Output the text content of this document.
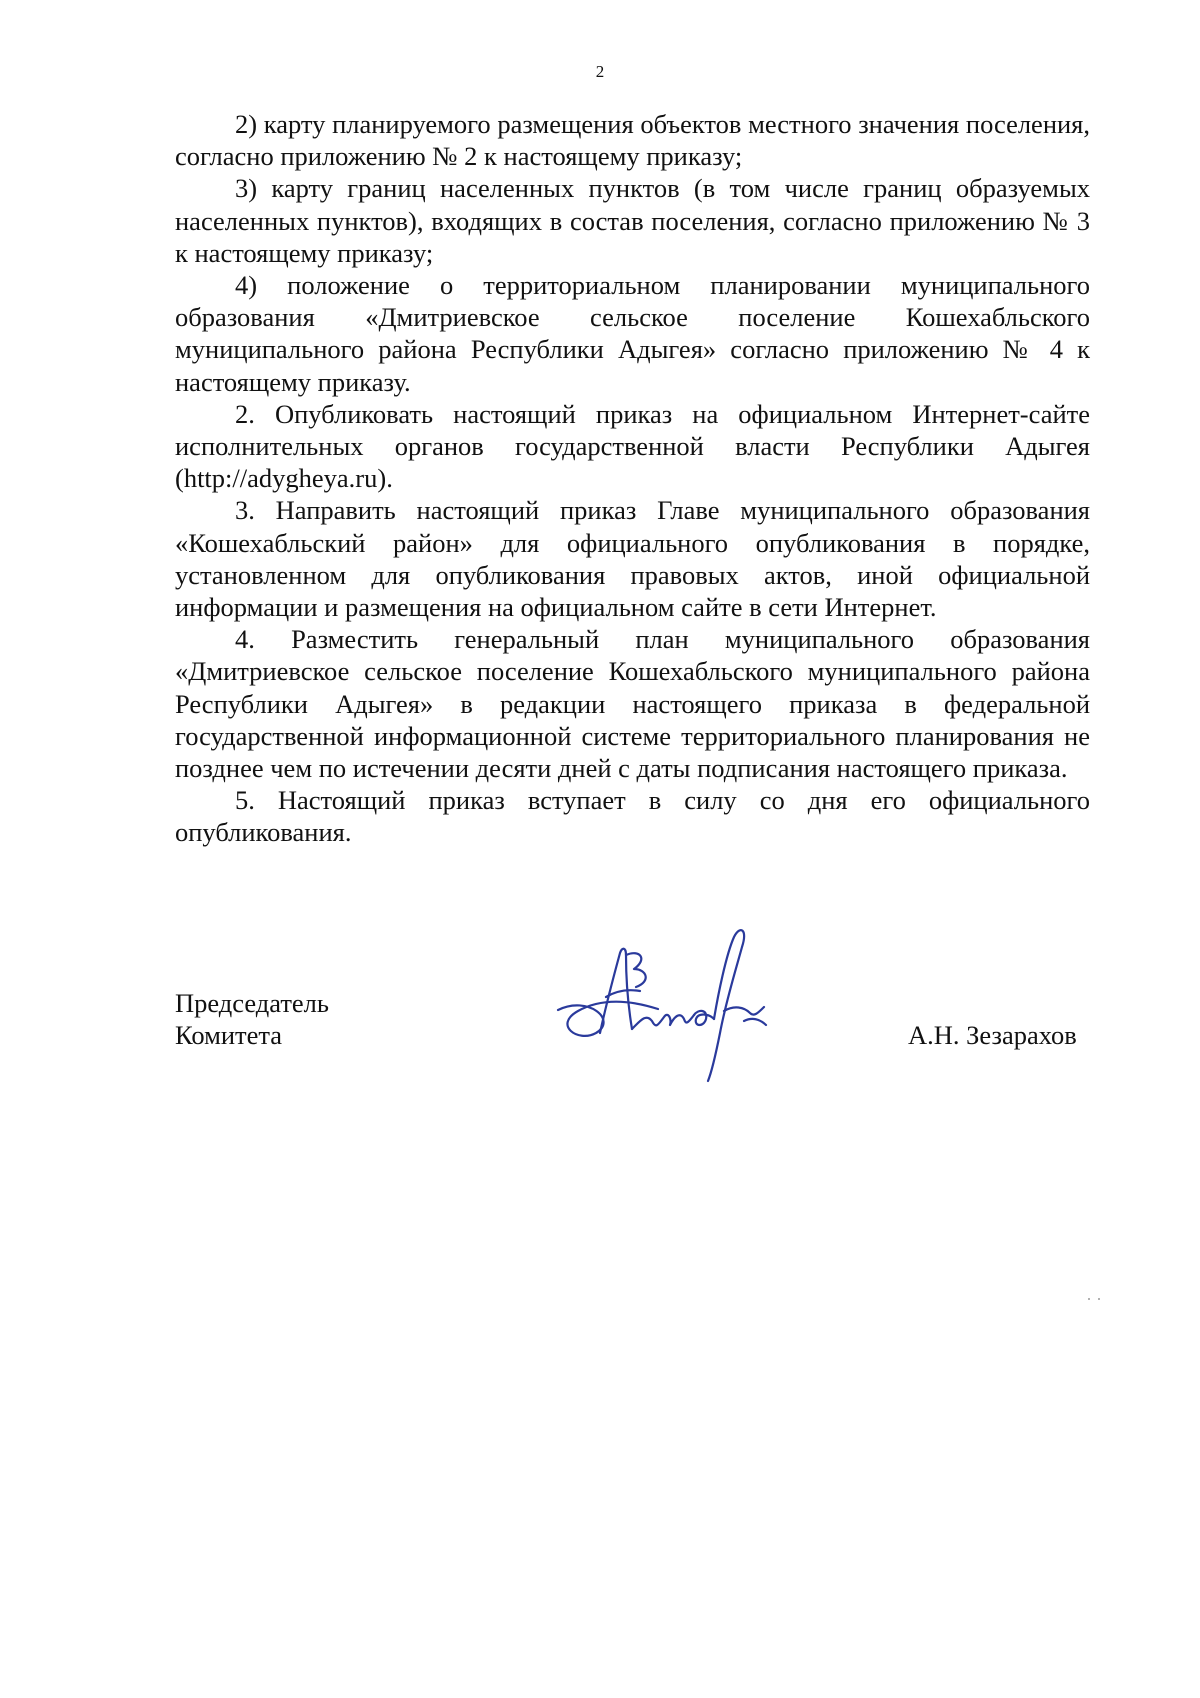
2

2) карту планируемого размещения объектов местного значения поселения, согласно приложению № 2 к настоящему приказу;

3) карту границ населенных пунктов (в том числе границ образуемых населенных пунктов), входящих в состав поселения, согласно приложению № 3 к настоящему приказу;

4) положение о территориальном планировании муниципального образования «Дмитриевское сельское поселение Кошехабльского муниципального района Республики Адыгея» согласно приложению № 4 к настоящему приказу.

2. Опубликовать настоящий приказ на официальном Интернет-сайте исполнительных органов государственной власти Республики Адыгея (http://adygheya.ru).

3. Направить настоящий приказ Главе муниципального образования «Кошехабльский район» для официального опубликования в порядке, установленном для опубликования правовых актов, иной официальной информации и размещения на официальном сайте в сети Интернет.

4. Разместить генеральный план муниципального образования «Дмитриевское сельское поселение Кошехабльского муниципального района Республики Адыгея» в редакции настоящего приказа в федеральной государственной информационной системе территориального планирования не позднее чем по истечении десяти дней с даты подписания настоящего приказа.

5. Настоящий приказ вступает в силу со дня его официального опубликования.

Председатель
Комитета	А.Н. Зезарахов
